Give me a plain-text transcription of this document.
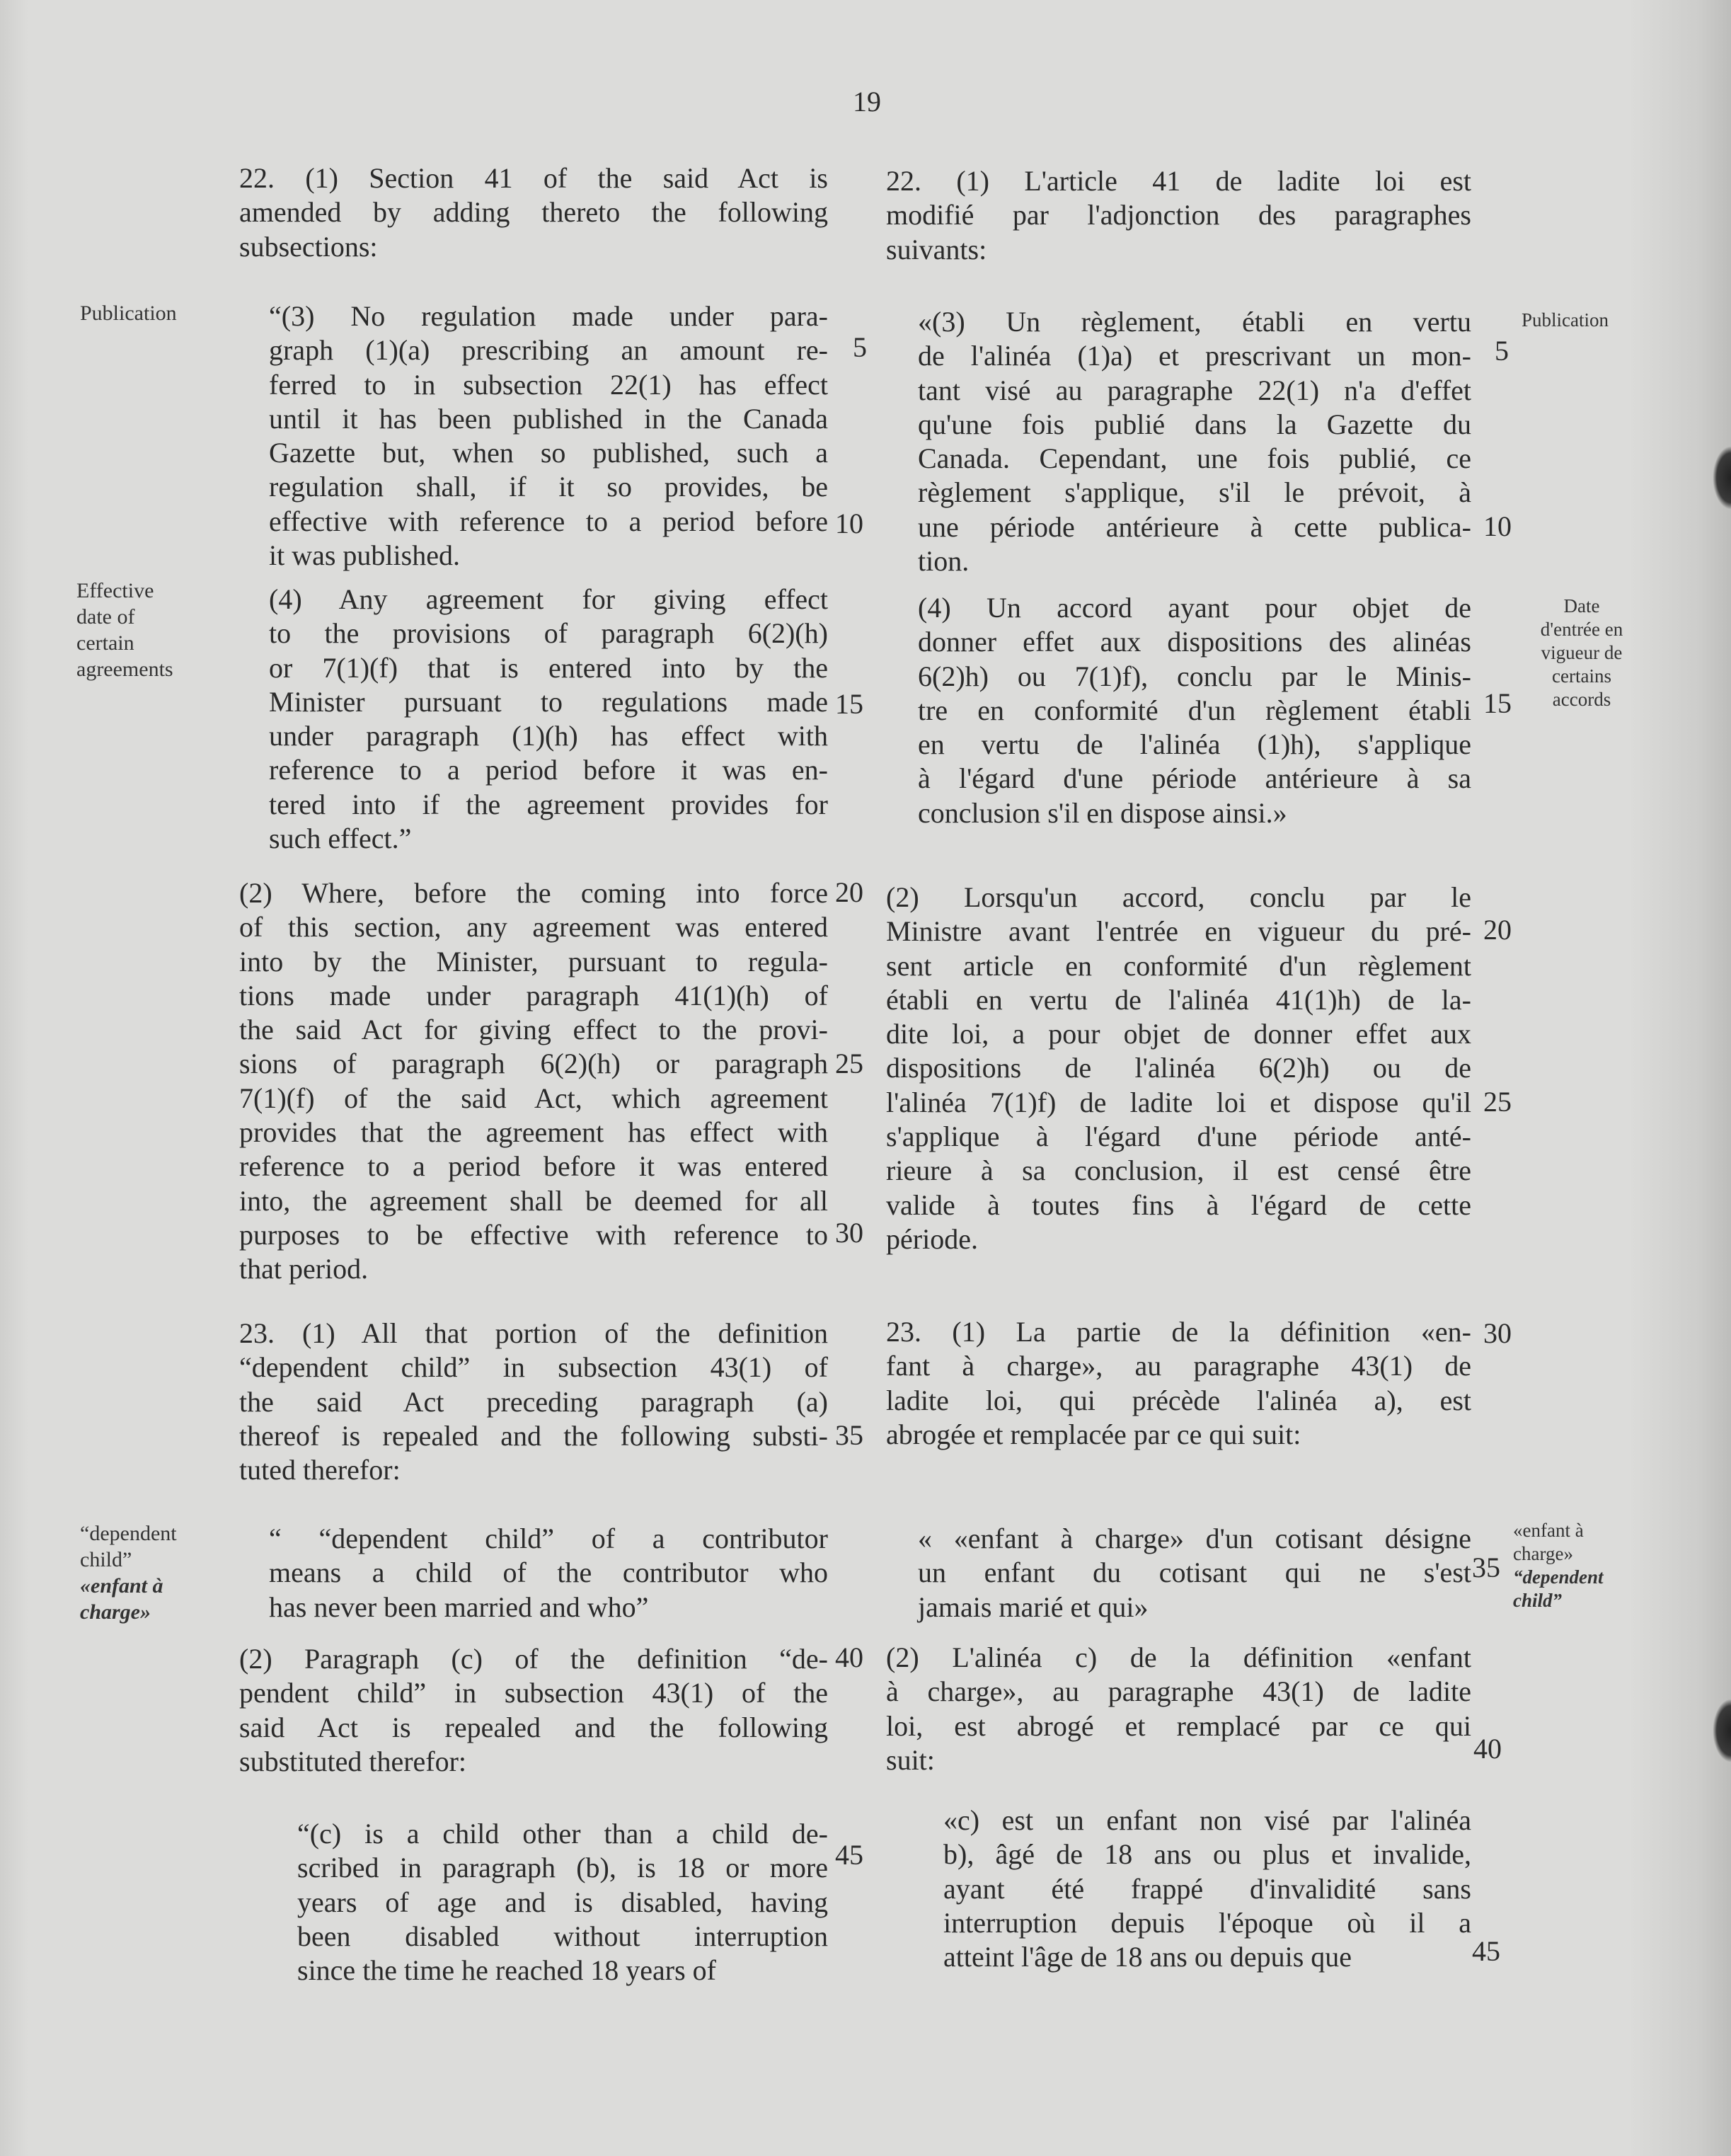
19
22. (1) Section 41 of the said Act is
amended by adding thereto the following
subsections:
“(3) No regulation made under para-
graph (1)(a) prescribing an amount re-
ferred to in subsection 22(1) has effect
until it has been published in the Canada
Gazette but, when so published, such a
regulation shall, if it so provides, be
effective with reference to a period before
it was published.
(4) Any agreement for giving effect
to the provisions of paragraph 6(2)(h)
or 7(1)(f) that is entered into by the
Minister pursuant to regulations made
under paragraph (1)(h) has effect with
reference to a period before it was en-
tered into if the agreement provides for
such effect.”
(2) Where, before the coming into force
of this section, any agreement was entered
into by the Minister, pursuant to regula-
tions made under paragraph 41(1)(h) of
the said Act for giving effect to the provi-
sions of paragraph 6(2)(h) or paragraph
7(1)(f) of the said Act, which agreement
provides that the agreement has effect with
reference to a period before it was entered
into, the agreement shall be deemed for all
purposes to be effective with reference to
that period.
23. (1) All that portion of the definition
“dependent child” in subsection 43(1) of
the said Act preceding paragraph (a)
thereof is repealed and the following substi-
tuted therefor:
“ “dependent child” of a contributor
means a child of the contributor who
has never been married and who”
(2) Paragraph (c) of the definition “de-
pendent child” in subsection 43(1) of the
said Act is repealed and the following
substituted therefor:
“(c) is a child other than a child de-
scribed in paragraph (b), is 18 or more
years of age and is disabled, having
been disabled without interruption
since the time he reached 18 years of
22. (1) L'article 41 de ladite loi est
modifié par l'adjonction des paragraphes
suivants:
«(3) Un règlement, établi en vertu
de l'alinéa (1)a) et prescrivant un mon-
tant visé au paragraphe 22(1) n'a d'effet
qu'une fois publié dans la Gazette du
Canada. Cependant, une fois publié, ce
règlement s'applique, s'il le prévoit, à
une période antérieure à cette publica-
tion.
(4) Un accord ayant pour objet de
donner effet aux dispositions des alinéas
6(2)h) ou 7(1)f), conclu par le Minis-
tre en conformité d'un règlement établi
en vertu de l'alinéa (1)h), s'applique
à l'égard d'une période antérieure à sa
conclusion s'il en dispose ainsi.»
(2) Lorsqu'un accord, conclu par le
Ministre avant l'entrée en vigueur du pré-
sent article en conformité d'un règlement
établi en vertu de l'alinéa 41(1)h) de la-
dite loi, a pour objet de donner effet aux
dispositions de l'alinéa 6(2)h) ou de
l'alinéa 7(1)f) de ladite loi et dispose qu'il
s'applique à l'égard d'une période anté-
rieure à sa conclusion, il est censé être
valide à toutes fins à l'égard de cette
période.
23. (1) La partie de la définition «en-
fant à charge», au paragraphe 43(1) de
ladite loi, qui précède l'alinéa a), est
abrogée et remplacée par ce qui suit:
« «enfant à charge» d'un cotisant désigne
un enfant du cotisant qui ne s'est
jamais marié et qui»
(2) L'alinéa c) de la définition «enfant
à charge», au paragraphe 43(1) de ladite
loi, est abrogé et remplacé par ce qui
suit:
«c) est un enfant non visé par l'alinéa
b), âgé de 18 ans ou plus et invalide,
ayant été frappé d'invalidité sans
interruption depuis l'époque où il a
atteint l'âge de 18 ans ou depuis que
Publication
Effective
date of
certain
agreements
“dependent
child”
«enfant à
charge»
Publication
Date
d'entrée en
vigueur de
certains
accords
«enfant à
charge»
“dependent
child”
5
10
15
20
25
30
35
40
45
5
10
15
20
25
30
35
40
45
